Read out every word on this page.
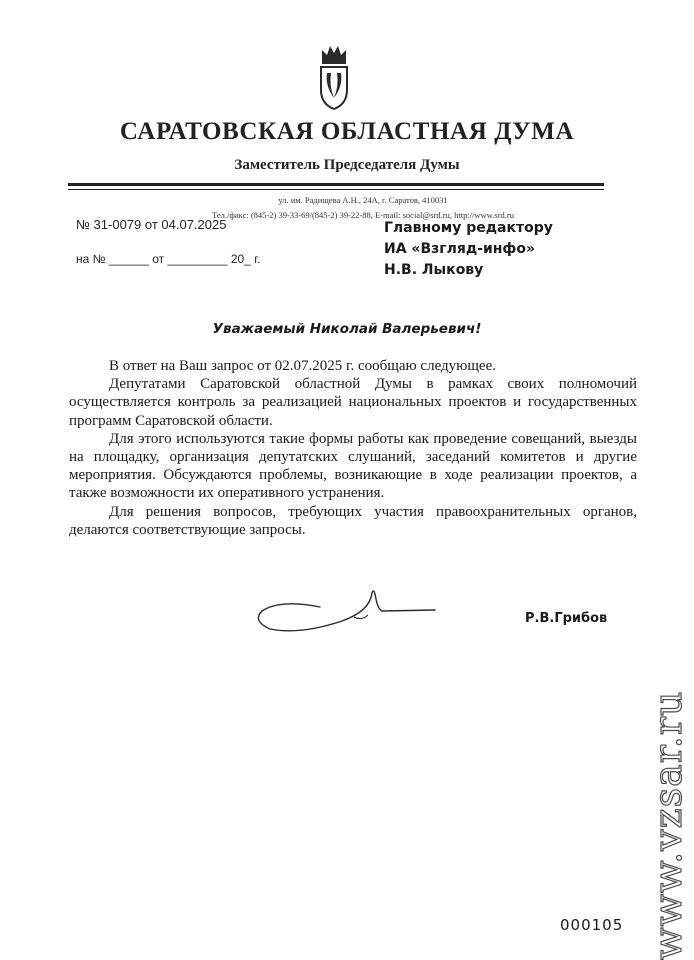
САРАТОВСКАЯ ОБЛАСТНАЯ ДУМА
Заместитель Председателя Думы
ул. им. Радищева А.Н., 24А, г. Саратов, 410031
Тел./факс: (845-2) 39-33-69/(845-2) 39-22-88, E-mail: social@srd.ru, http://www.srd.ru
№ 31-0079 от 04.07.2025
на № ______ от _________ 20_ г.
Главному редактору
ИА «Взгляд-инфо»
Н.В. Лыкову
Уважаемый Николай Валерьевич!

В ответ на Ваш запрос от 02.07.2025 г. сообщаю следующее.

Депутатами Саратовской областной Думы в рамках своих полномочий осуществляется контроль за реализацией национальных проектов и государственных программ Саратовской области.

Для этого используются такие формы работы как проведение совещаний, выезды на площадку, организация депутатских слушаний, заседаний комитетов и другие мероприятия. Обсуждаются проблемы, возникающие в ходе реализации проектов, а также возможности их оперативного устранения.

Для решения вопросов, требующих участия правоохранительных органов, делаются соответствующие запросы.

Р.В.Грибов
www.vzsar.ru
000105
